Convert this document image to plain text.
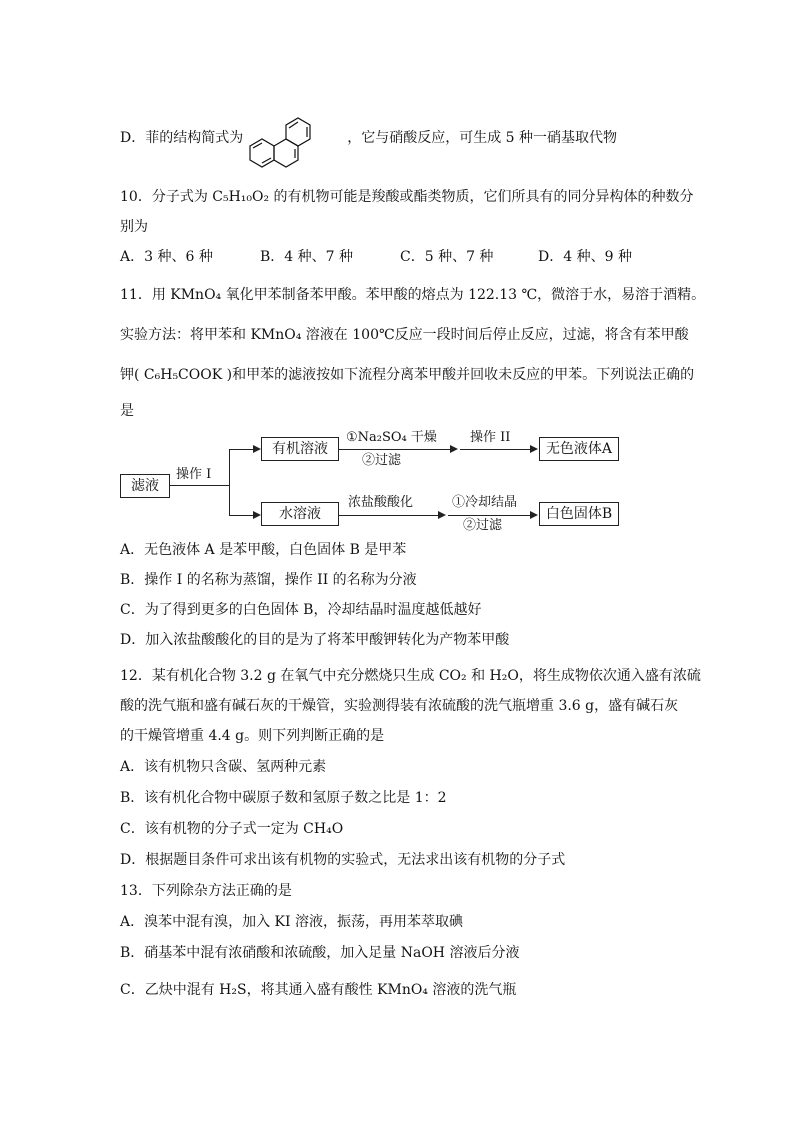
D．菲的结构简式为	，它与硝酸反应，可生成 5 种一硝基取代物
10．分子式为 C₅H₁₀O₂ 的有机物可能是羧酸或酯类物质，它们所具有的同分异构体的种数分
别为
A．3 种、6 种	B．4 种、7 种	C．5 种、7 种	D．4 种、9 种
11．用 KMnO₄ 氧化甲苯制备苯甲酸。苯甲酸的熔点为 122.13 ℃，微溶于水，易溶于酒精。
实验方法：将甲苯和 KMnO₄ 溶液在 100℃反应一段时间后停止反应，过滤，将含有苯甲酸
钾( C₆H₅COOK )和甲苯的滤液按如下流程分离苯甲酸并回收未反应的甲苯。下列说法正确的
是
滤液
操作 I
有机溶液
①Na₂SO₄ 干燥
②过滤
操作 II
无色液体A
水溶液
浓盐酸酸化	①冷却结晶
②过滤
白色固体B
A．无色液体 A 是苯甲酸，白色固体 B 是甲苯
B．操作 I 的名称为蒸馏，操作 II 的名称为分液
C．为了得到更多的白色固体 B，冷却结晶时温度越低越好
D．加入浓盐酸酸化的目的是为了将苯甲酸钾转化为产物苯甲酸
12．某有机化合物 3.2 g 在氧气中充分燃烧只生成 CO₂ 和 H₂O，将生成物依次通入盛有浓硫
酸的洗气瓶和盛有碱石灰的干燥管，实验测得装有浓硫酸的洗气瓶增重 3.6 g，盛有碱石灰
的干燥管增重 4.4 g。则下列判断正确的是
A．该有机物只含碳、氢两种元素
B．该有机化合物中碳原子数和氢原子数之比是 1：2
C．该有机物的分子式一定为 CH₄O
D．根据题目条件可求出该有机物的实验式，无法求出该有机物的分子式
13．下列除杂方法正确的是
A．溴苯中混有溴，加入 KI 溶液，振荡，再用苯萃取碘
B．硝基苯中混有浓硝酸和浓硫酸，加入足量 NaOH 溶液后分液
C．乙炔中混有 H₂S，将其通入盛有酸性 KMnO₄ 溶液的洗气瓶
